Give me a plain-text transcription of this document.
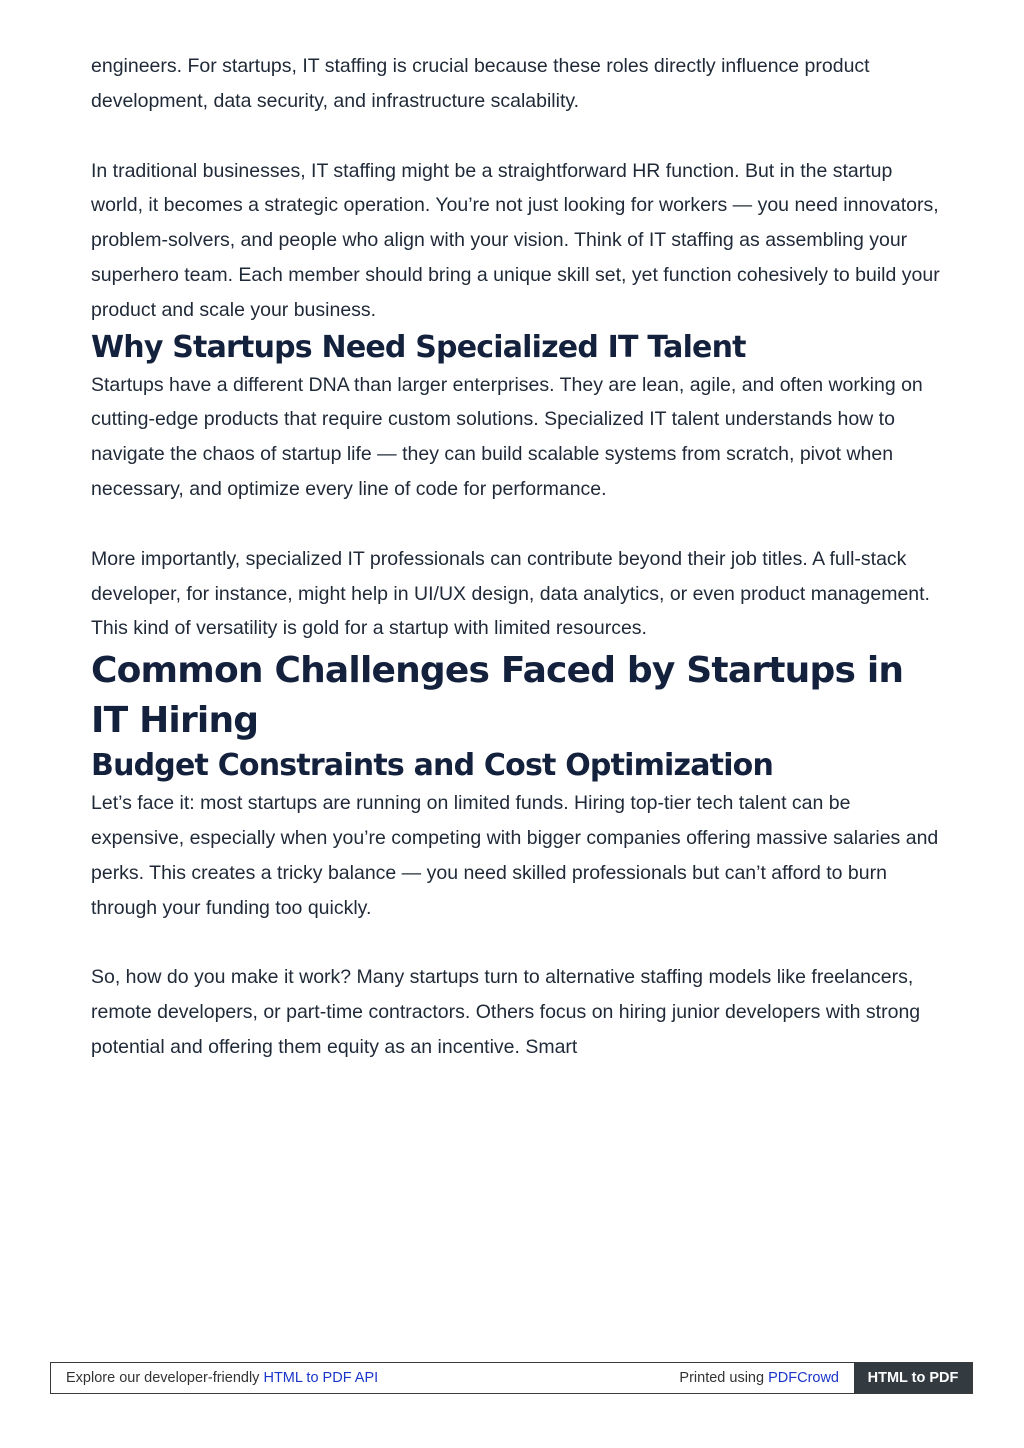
engineers. For startups, IT staffing is crucial because these roles directly influence product development, data security, and infrastructure scalability.

In traditional businesses, IT staffing might be a straightforward HR function. But in the startup world, it becomes a strategic operation. You’re not just looking for workers — you need innovators, problem-solvers, and people who align with your vision. Think of IT staffing as assembling your superhero team. Each member should bring a unique skill set, yet function cohesively to build your product and scale your business.

Why Startups Need Specialized IT Talent

Startups have a different DNA than larger enterprises. They are lean, agile, and often working on cutting-edge products that require custom solutions. Specialized IT talent understands how to navigate the chaos of startup life — they can build scalable systems from scratch, pivot when necessary, and optimize every line of code for performance.

More importantly, specialized IT professionals can contribute beyond their job titles. A full-stack developer, for instance, might help in UI/UX design, data analytics, or even product management. This kind of versatility is gold for a startup with limited resources.

Common Challenges Faced by Startups in IT Hiring
Budget Constraints and Cost Optimization

Let’s face it: most startups are running on limited funds. Hiring top-tier tech talent can be expensive, especially when you’re competing with bigger companies offering massive salaries and perks. This creates a tricky balance — you need skilled professionals but can’t afford to burn through your funding too quickly.

So, how do you make it work? Many startups turn to alternative staffing models like freelancers, remote developers, or part-time contractors. Others focus on hiring junior developers with strong potential and offering them equity as an incentive. Smart

Explore our developer-friendly HTML to PDF API	Printed using PDFCrowd	HTML to PDF
